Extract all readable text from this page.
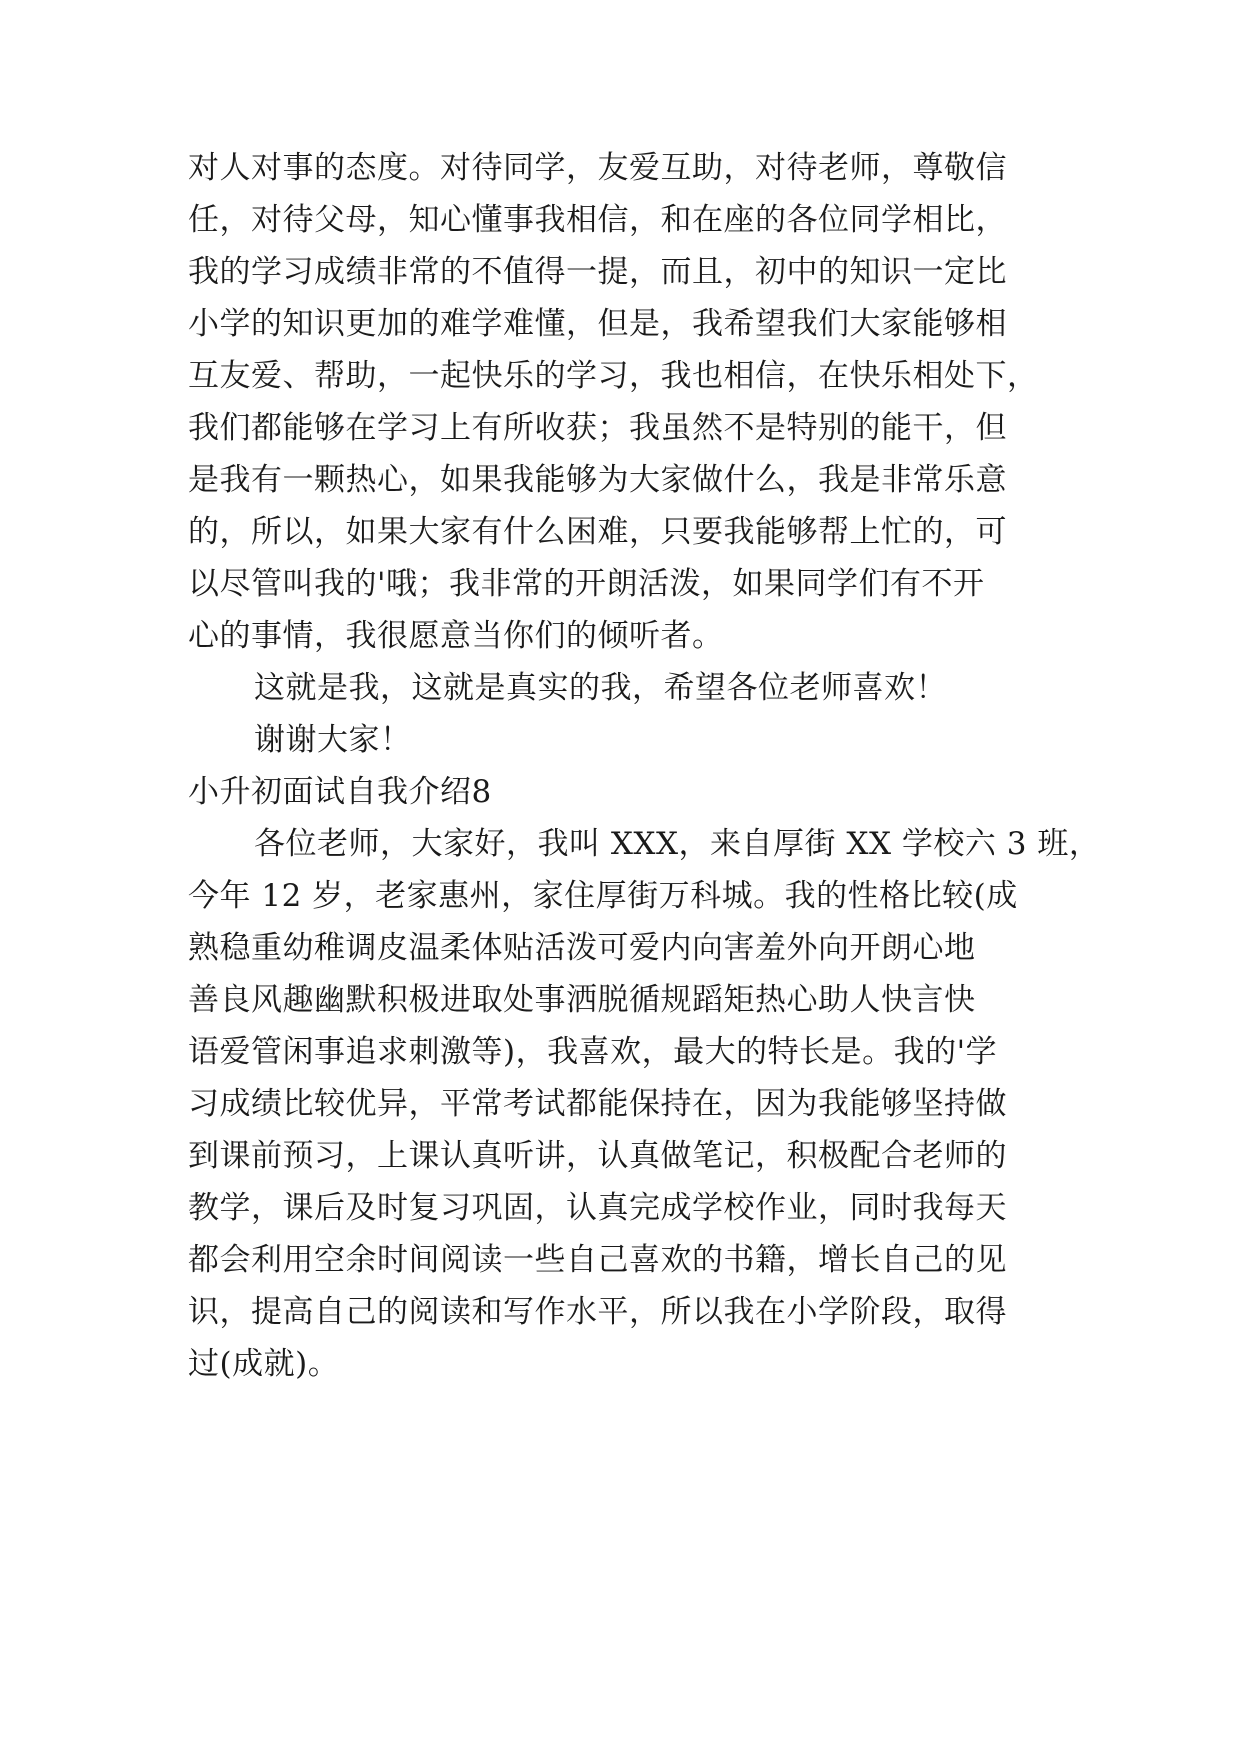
对人对事的态度。对待同学，友爱互助，对待老师，尊敬信
任，对待父母，知心懂事我相信，和在座的各位同学相比，
我的学习成绩非常的不值得一提，而且，初中的知识一定比
小学的知识更加的难学难懂，但是，我希望我们大家能够相
互友爱、帮助，一起快乐的学习，我也相信，在快乐相处下，
我们都能够在学习上有所收获；我虽然不是特别的能干，但
是我有一颗热心，如果我能够为大家做什么，我是非常乐意
的，所以，如果大家有什么困难，只要我能够帮上忙的，可
以尽管叫我的'哦；我非常的开朗活泼，如果同学们有不开
心的事情，我很愿意当你们的倾听者。
这就是我，这就是真实的我，希望各位老师喜欢！
谢谢大家！
小升初面试自我介绍8
各位老师，大家好，我叫 XXX，来自厚街 XX 学校六 3 班，
今年 12 岁，老家惠州，家住厚街万科城。我的性格比较(成
熟稳重幼稚调皮温柔体贴活泼可爱内向害羞外向开朗心地
善良风趣幽默积极进取处事洒脱循规蹈矩热心助人快言快
语爱管闲事追求刺激等)，我喜欢，最大的特长是。我的'学
习成绩比较优异，平常考试都能保持在，因为我能够坚持做
到课前预习，上课认真听讲，认真做笔记，积极配合老师的
教学，课后及时复习巩固，认真完成学校作业，同时我每天
都会利用空余时间阅读一些自己喜欢的书籍，增长自己的见
识，提高自己的阅读和写作水平，所以我在小学阶段，取得
过(成就)。
